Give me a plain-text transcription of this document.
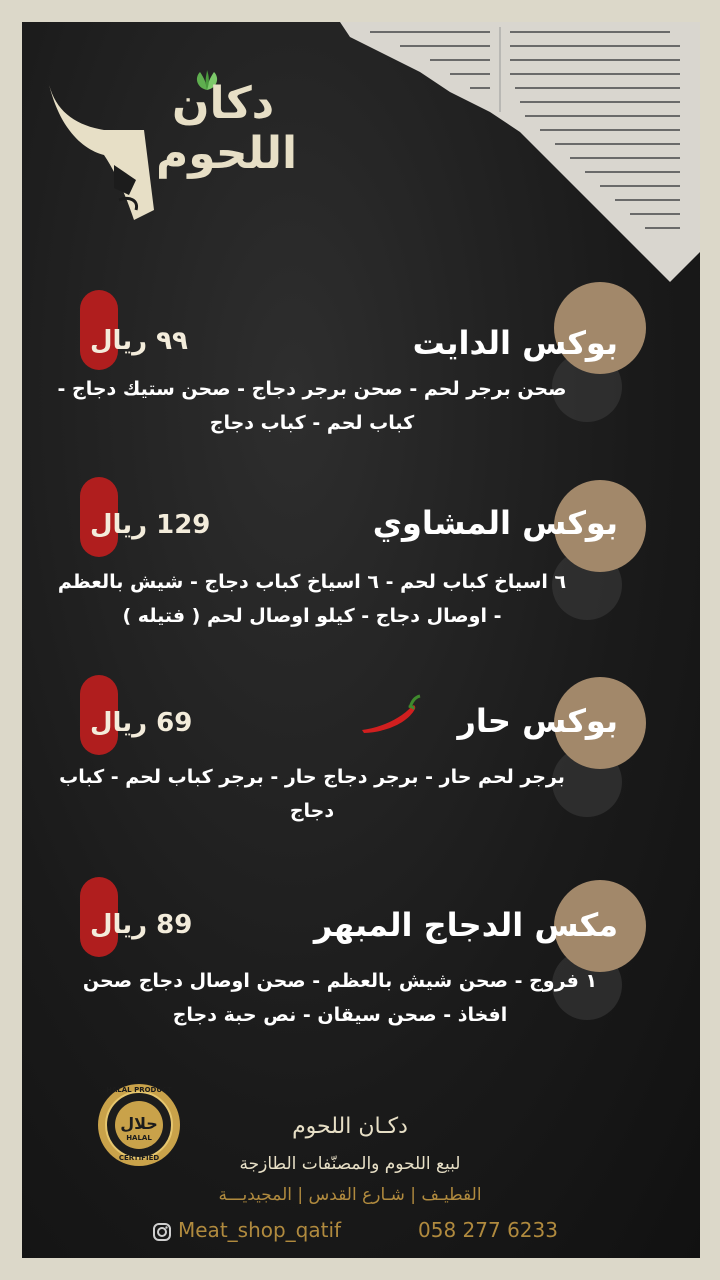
دكان
اللحوم
بوكس الدايت
٩٩ ريال
صحن برجر لحم - صحن برجر دجاج - صحن ستيك دجاج - كباب لحم - كباب دجاج
بوكس المشاوي
129 ريال
٦ اسياخ كباب لحم - ٦ اسياخ كباب دجاج - شيش بالعظم - اوصال دجاج - كيلو اوصال لحم ( فتيله )
بوكس حار
69 ريال
برجر لحم حار - برجر دجاج حار - برجر كباب لحم - كباب دجاج
مكس الدجاج المبهر
89 ريال
١ فروج - صحن شيش بالعظم - صحن اوصال دجاج صحن افخاذ - صحن سيقان - نص حبة دجاج
HALAL PRODUCT
حلال
HALAL
CERTIFIED
دكـان اللحوم
لبيع اللحوم والمصنّفات الطازجة
القطيـف | شـارع القدس | المجيديـــة
Meat_shop_qatif	058 277 6233
